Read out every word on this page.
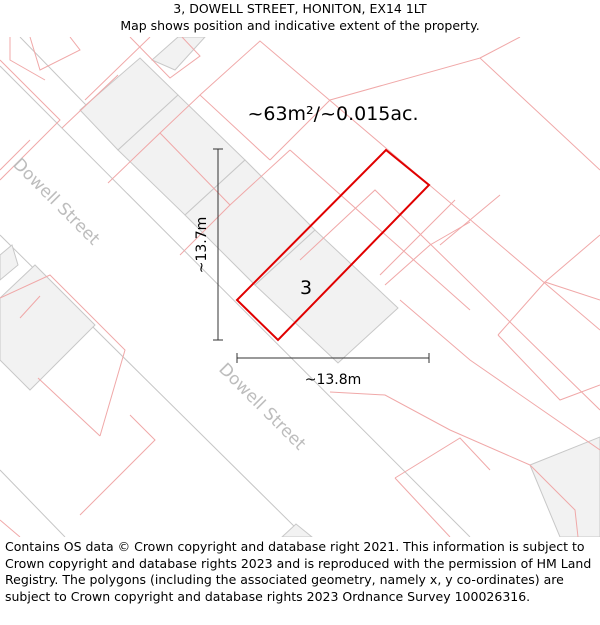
3, DOWELL STREET, HONITON, EX14 1LT
Map shows position and indicative extent of the property.
Dowell Street
Dowell Street
~13.7m
~13.8m
3
~63m²/~0.015ac.
Contains OS data © Crown copyright and database right 2021. This information is subject to Crown copyright and database rights 2023 and is reproduced with the permission of HM Land Registry. The polygons (including the associated geometry, namely x, y co-ordinates) are subject to Crown copyright and database rights 2023 Ordnance Survey 100026316.
